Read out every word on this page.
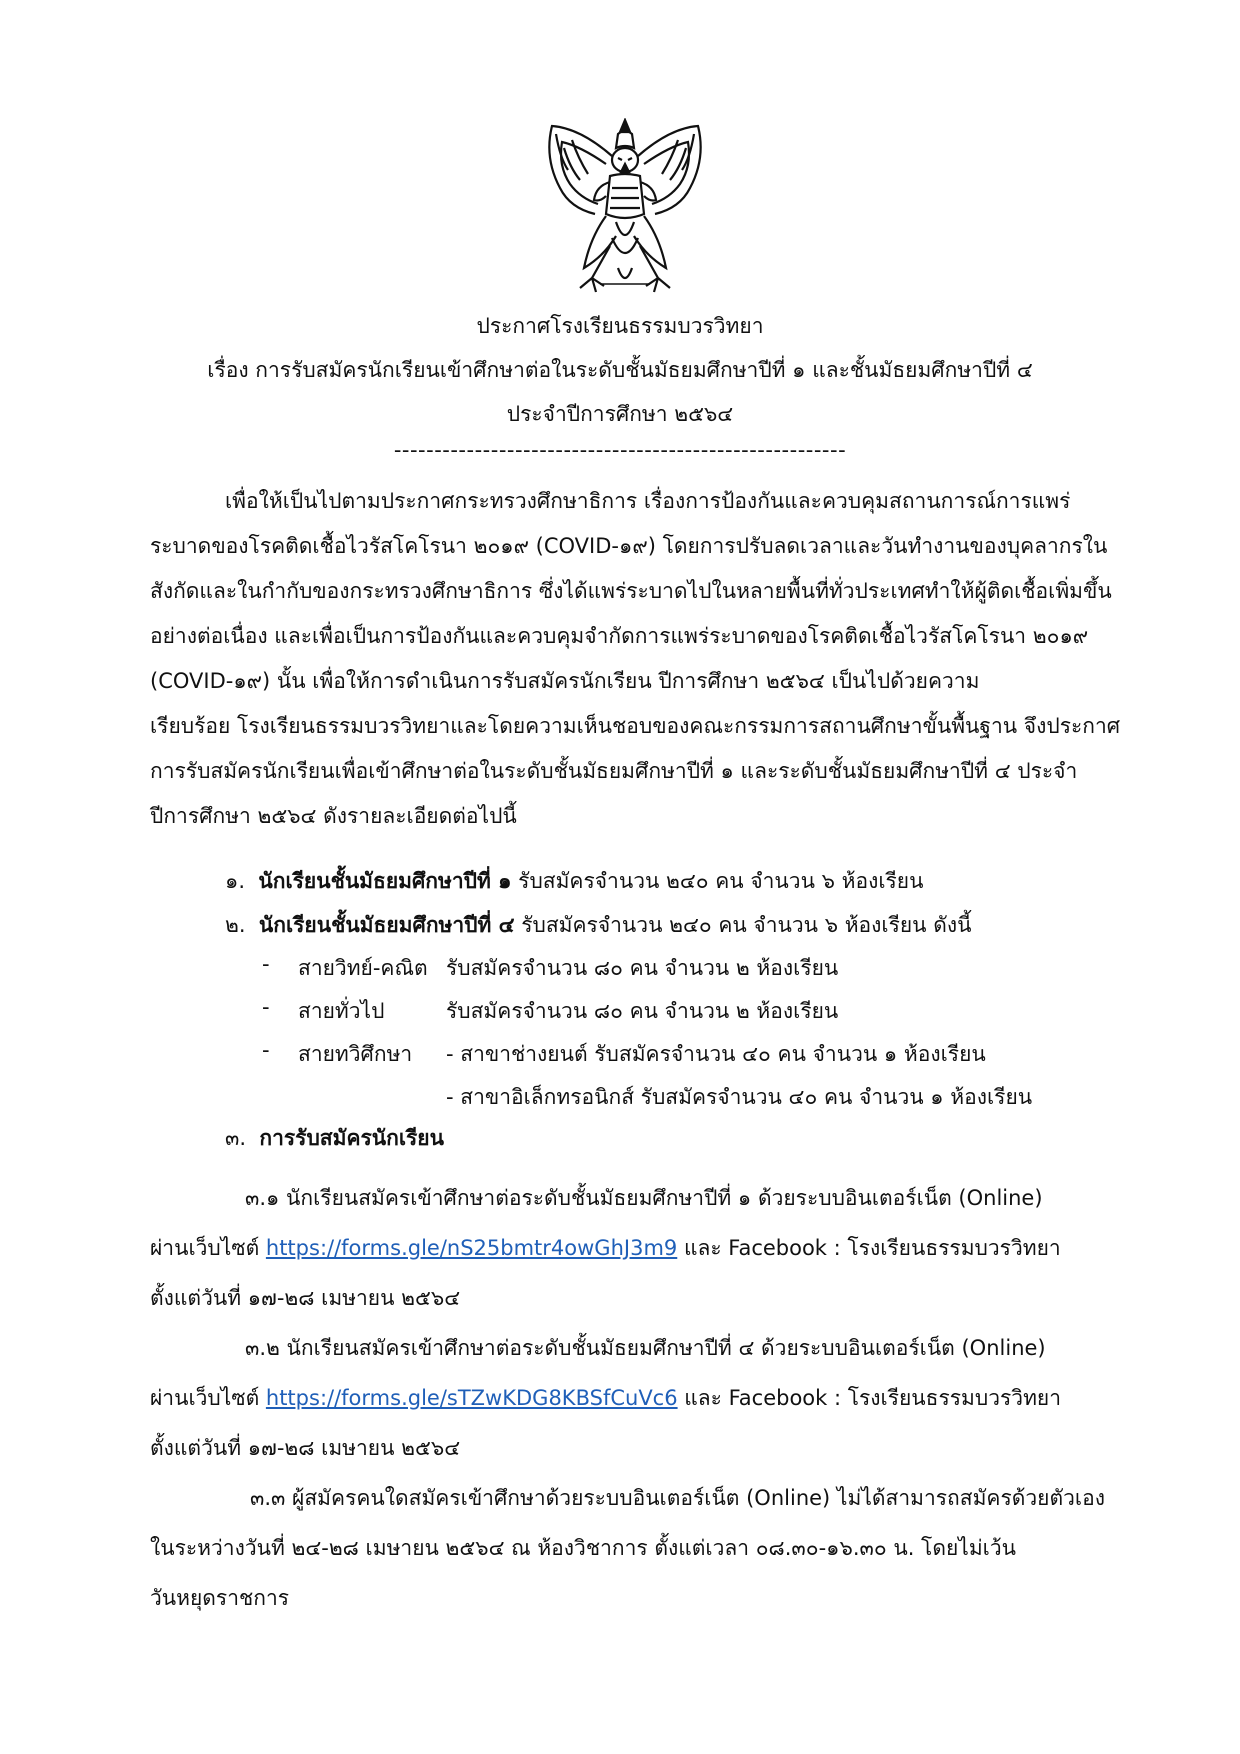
ประกาศโรงเรียนธรรมบวรวิทยา
เรื่อง การรับสมัครนักเรียนเข้าศึกษาต่อในระดับชั้นมัธยมศึกษาปีที่ ๑ และชั้นมัธยมศึกษาปีที่ ๔
ประจำปีการศึกษา ๒๕๖๔
--------------------------------------------------------
เพื่อให้เป็นไปตามประกาศกระทรวงศึกษาธิการ เรื่องการป้องกันและควบคุมสถานการณ์การแพร่
ระบาดของโรคติดเชื้อไวรัสโคโรนา ๒๐๑๙ (COVID-๑๙) โดยการปรับลดเวลาและวันทำงานของบุคลากรใน
สังกัดและในกำกับของกระทรวงศึกษาธิการ ซึ่งได้แพร่ระบาดไปในหลายพื้นที่ทั่วประเทศทำให้ผู้ติดเชื้อเพิ่มขึ้น
อย่างต่อเนื่อง และเพื่อเป็นการป้องกันและควบคุมจำกัดการแพร่ระบาดของโรคติดเชื้อไวรัสโคโรนา ๒๐๑๙
(COVID-๑๙) นั้น เพื่อให้การดำเนินการรับสมัครนักเรียน ปีการศึกษา ๒๕๖๔ เป็นไปด้วยความ
เรียบร้อย โรงเรียนธรรมบวรวิทยาและโดยความเห็นชอบของคณะกรรมการสถานศึกษาขั้นพื้นฐาน จึงประกาศ
การรับสมัครนักเรียนเพื่อเข้าศึกษาต่อในระดับชั้นมัธยมศึกษาปีที่ ๑ และระดับชั้นมัธยมศึกษาปีที่ ๔ ประจำ
ปีการศึกษา ๒๕๖๔ ดังรายละเอียดต่อไปนี้
๑. นักเรียนชั้นมัธยมศึกษาปีที่ ๑ รับสมัครจำนวน ๒๔๐ คน จำนวน ๖ ห้องเรียน
๒. นักเรียนชั้นมัธยมศึกษาปีที่ ๔ รับสมัครจำนวน ๒๔๐ คน จำนวน ๖ ห้องเรียน ดังนี้
- สายวิทย์-คณิต รับสมัครจำนวน ๘๐ คน จำนวน ๒ ห้องเรียน
- สายทั่วไป	รับสมัครจำนวน ๘๐ คน จำนวน ๒ ห้องเรียน
- สายทวิศึกษา - สาขาช่างยนต์ รับสมัครจำนวน ๔๐ คน จำนวน ๑ ห้องเรียน
- สาขาอิเล็กทรอนิกส์ รับสมัครจำนวน ๔๐ คน จำนวน ๑ ห้องเรียน
๓. การรับสมัครนักเรียน
๓.๑ นักเรียนสมัครเข้าศึกษาต่อระดับชั้นมัธยมศึกษาปีที่ ๑ ด้วยระบบอินเตอร์เน็ต (Online)
ผ่านเว็บไซต์ https://forms.gle/nS25bmtr4owGhJ3m9 และ Facebook : โรงเรียนธรรมบวรวิทยา
ตั้งแต่วันที่ ๑๗-๒๘ เมษายน ๒๕๖๔
๓.๒ นักเรียนสมัครเข้าศึกษาต่อระดับชั้นมัธยมศึกษาปีที่ ๔ ด้วยระบบอินเตอร์เน็ต (Online)
ผ่านเว็บไซต์ https://forms.gle/sTZwKDG8KBSfCuVc6 และ Facebook : โรงเรียนธรรมบวรวิทยา
ตั้งแต่วันที่ ๑๗-๒๘ เมษายน ๒๕๖๔
๓.๓ ผู้สมัครคนใดสมัครเข้าศึกษาด้วยระบบอินเตอร์เน็ต (Online) ไม่ได้สามารถสมัครด้วยตัวเอง
ในระหว่างวันที่ ๒๔-๒๘ เมษายน ๒๕๖๔ ณ ห้องวิชาการ ตั้งแต่เวลา ๐๘.๓๐-๑๖.๓๐ น. โดยไม่เว้น
วันหยุดราชการ
